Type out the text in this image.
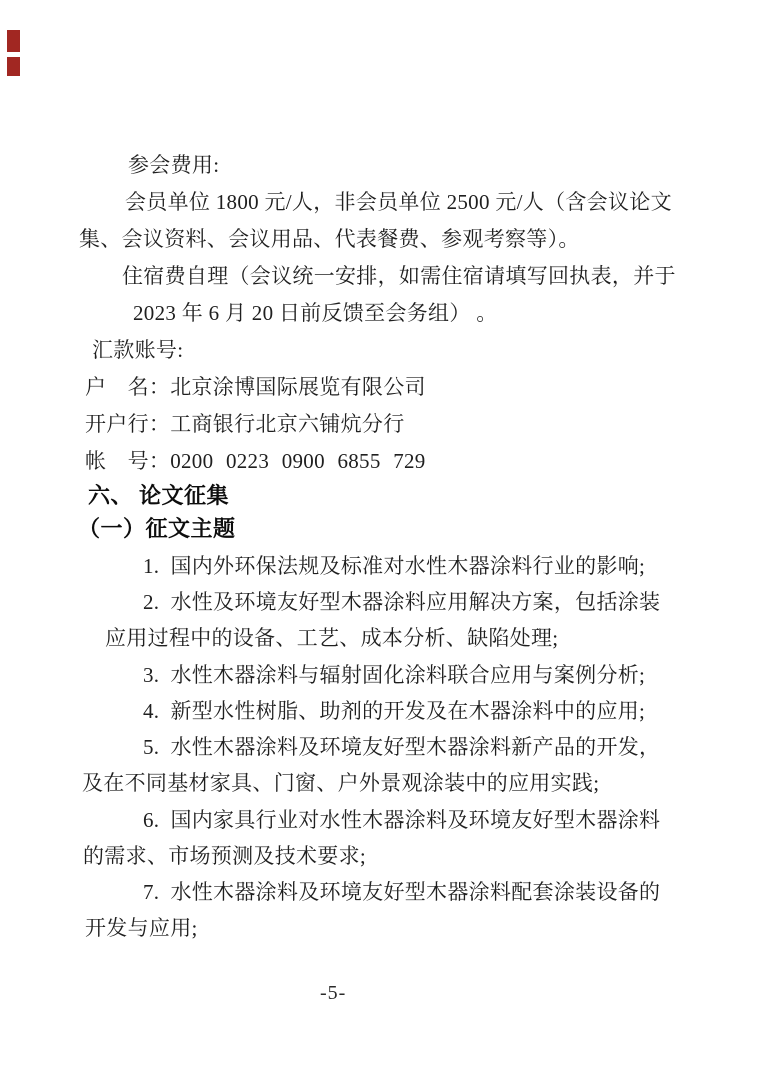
参会费用:
会员单位 1800 元/人，非会员单位 2500 元/人（含会议论文
集、会议资料、会议用品、代表餐费、参观考察等）。
住宿费自理（会议统一安排，如需住宿请填写回执表，并于
2023 年 6 月 20 日前反馈至会务组） 。
汇款账号:
户　名：北京涂博国际展览有限公司
开户行：工商银行北京六铺炕分行
帐　号：0200 0223 0900 6855 729
六、 论文征集
（一）征文主题
1.  国内外环保法规及标准对水性木器涂料行业的影响;
2.  水性及环境友好型木器涂料应用解决方案，包括涂装
应用过程中的设备、工艺、成本分析、缺陷处理;
3.  水性木器涂料与辐射固化涂料联合应用与案例分析;
4.  新型水性树脂、助剂的开发及在木器涂料中的应用;
5.  水性木器涂料及环境友好型木器涂料新产品的开发，
及在不同基材家具、门窗、户外景观涂装中的应用实践;
6.  国内家具行业对水性木器涂料及环境友好型木器涂料
的需求、市场预测及技术要求;
7.  水性木器涂料及环境友好型木器涂料配套涂装设备的
开发与应用;
-5-
